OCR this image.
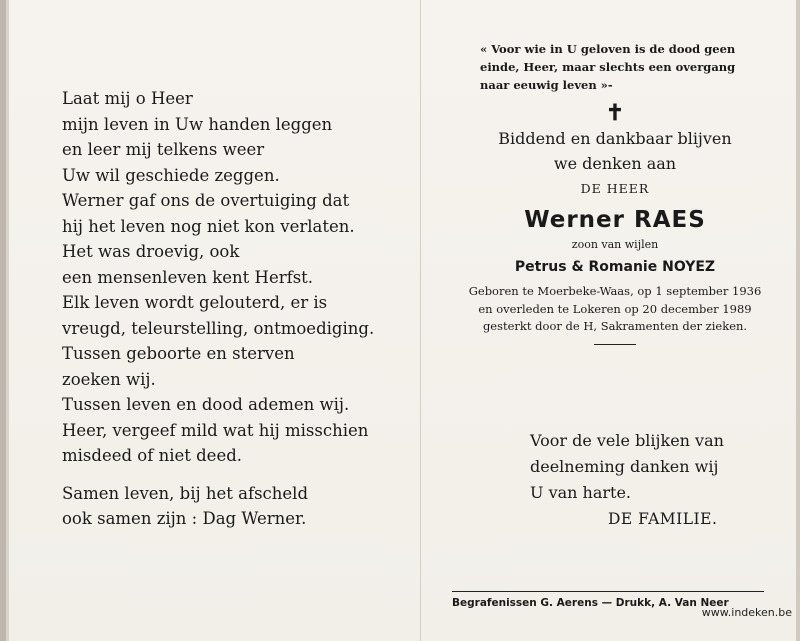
Laat mij o Heer
mijn leven in Uw handen leggen
en leer mij telkens weer
Uw wil geschiede zeggen.
Werner gaf ons de overtuiging dat
hij het leven nog niet kon verlaten.
Het was droevig, ook
een mensenleven kent Herfst.
Elk leven wordt gelouterd, er is
vreugd, teleurstelling, ontmoediging.
Tussen geboorte en sterven
zoeken wij.
Tussen leven en dood ademen wij.
Heer, vergeef mild wat hij misschien
misdeed of niet deed.
Samen leven, bij het afscheld
ook samen zijn : Dag Werner.
« Voor wie in U geloven is de dood geen
einde, Heer, maar slechts een overgang
naar eeuwig leven »-
✝
Biddend en dankbaar blijven
we denken aan
DE HEER
Werner RAES
zoon van wijlen
Petrus & Romanie NOYEZ
Geboren te Moerbeke-Waas, op 1 september 1936
en overleden te Lokeren op 20 december 1989
gesterkt door de H, Sakramenten der zieken.
Voor de vele blijken van
deelneming danken wij
U van harte.
DE FAMILIE.
Begrafenissen G. Aerens — Drukk, A. Van Neer
www.indeken.be
